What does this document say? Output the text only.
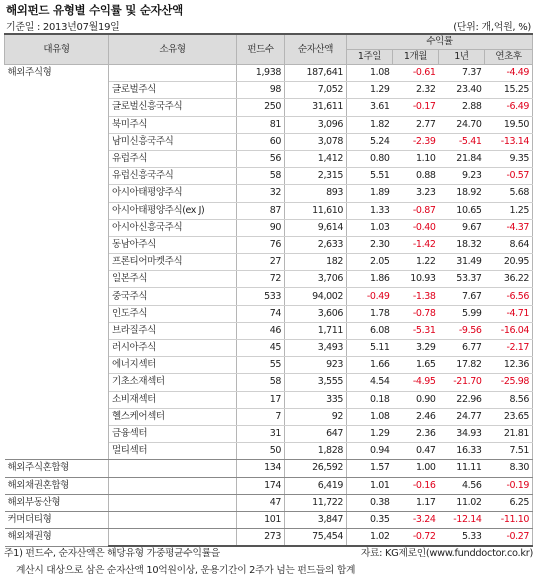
해외펀드 유형별 수익률 및 순자산액
기준일 : 2013년07월19일	(단위: 개,억원, %)
대유형	소유형	펀드수	순자산액	수익률			
				1주일	1개월	1년	연초후
해외주식형		1,938	187,641	1.08	-0.61	7.37	-4.49
	글로벌주식	98	7,052	1.29	2.32	23.40	15.25
	글로벌신흥국주식	250	31,611	3.61	-0.17	2.88	-6.49
	북미주식	81	3,096	1.82	2.77	24.70	19.50
	남미신흥국주식	60	3,078	5.24	-2.39	-5.41	-13.14
	유럽주식	56	1,412	0.80	1.10	21.84	9.35
	유럽신흥국주식	58	2,315	5.51	0.88	9.23	-0.57
	아시아태평양주식	32	893	1.89	3.23	18.92	5.68
	아시아태평양주식(ex J)	87	11,610	1.33	-0.87	10.65	1.25
	아시아신흥국주식	90	9,614	1.03	-0.40	9.67	-4.37
	동남아주식	76	2,633	2.30	-1.42	18.32	8.64
	프론티어마켓주식	27	182	2.05	1.22	31.49	20.95
	일본주식	72	3,706	1.86	10.93	53.37	36.22
	중국주식	533	94,002	-0.49	-1.38	7.67	-6.56
	인도주식	74	3,606	1.78	-0.78	5.99	-4.71
	브라질주식	46	1,711	6.08	-5.31	-9.56	-16.04
	러시아주식	45	3,493	5.11	3.29	6.77	-2.17
	에너지섹터	55	923	1.66	1.65	17.82	12.36
	기초소재섹터	58	3,555	4.54	-4.95	-21.70	-25.98
	소비재섹터	17	335	0.18	0.90	22.96	8.56
	헬스케어섹터	7	92	1.08	2.46	24.77	23.65
	금융섹터	31	647	1.29	2.36	34.93	21.81
	멀티섹터	50	1,828	0.94	0.47	16.33	7.51
해외주식혼합형		134	26,592	1.57	1.00	11.11	8.30
해외채권혼합형		174	6,419	1.01	-0.16	4.56	-0.19
해외부동산형		47	11,722	0.38	1.17	11.02	6.25
커머더티형		101	3,847	0.35	-3.24	-12.14	-11.10
해외채권형		273	75,454	1.02	-0.72	5.33	-0.27
주1) 펀드수, 순자산액은 해당유형 가중평균수익률을	자료: KG제로인(www.funddoctor.co.kr)
계산시 대상으로 삼은 순자산액 10억원이상, 운용기간이 2주가 넘는 펀드들의 합계
